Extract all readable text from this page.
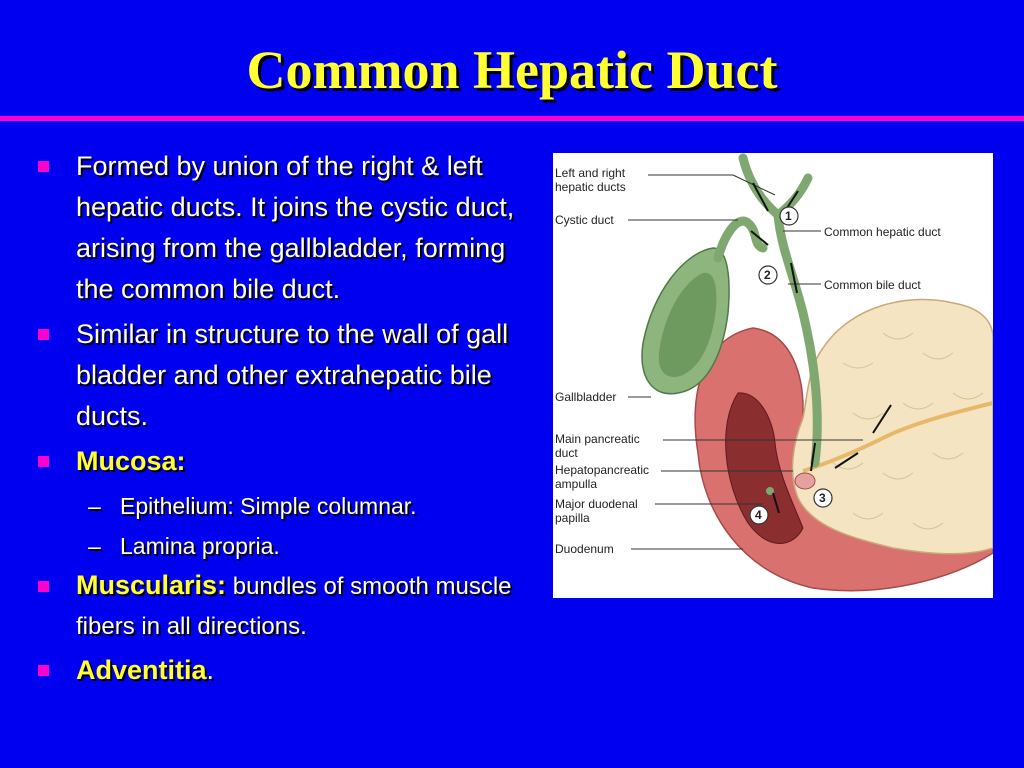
Common Hepatic Duct
Formed by union of the right & left hepatic ducts. It joins the cystic duct, arising from the gallbladder, forming the common bile duct.
Similar in structure to the wall of gall bladder and other extrahepatic bile ducts.
Mucosa:
– Epithelium: Simple columnar.
– Lamina propria.
Muscularis: bundles of smooth muscle fibers in all directions.
Adventitia.
1
2
3
4
Left and right
hepatic ducts
Cystic duct
Common hepatic duct
Common bile duct
Gallbladder
Main pancreatic
duct
Hepatopancreatic
ampulla
Major duodenal
papilla
Duodenum
